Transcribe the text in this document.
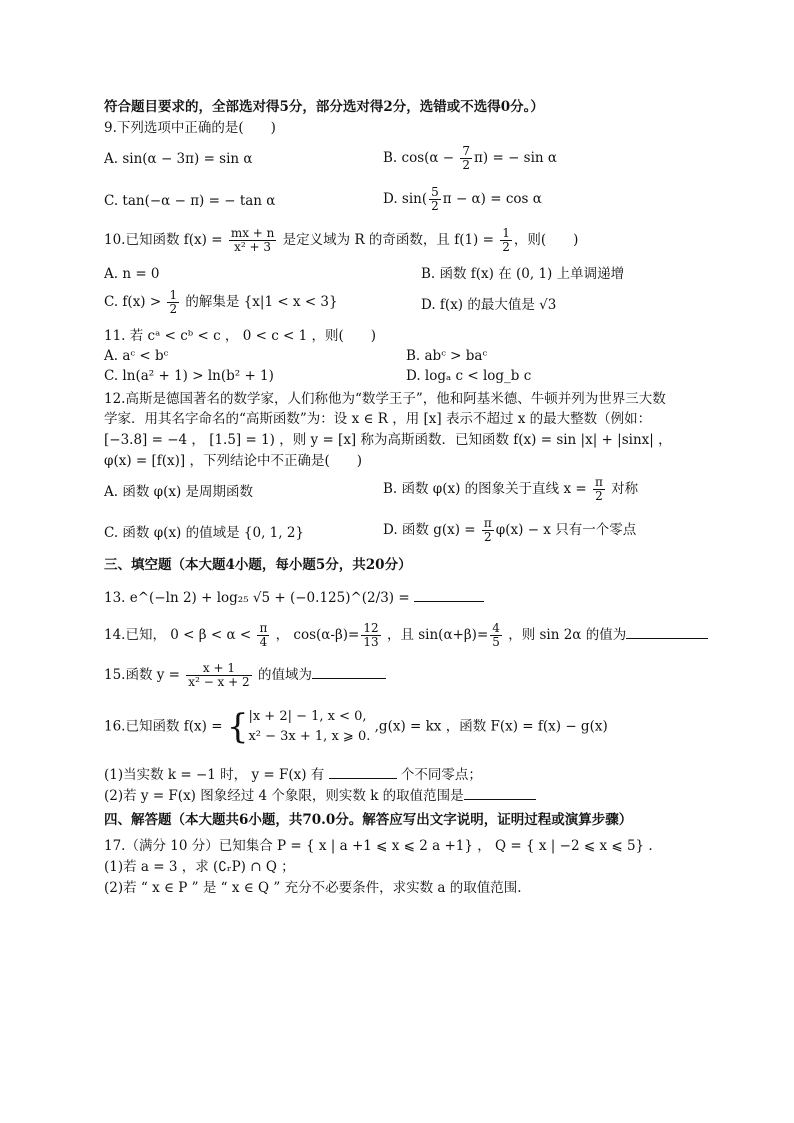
符合题目要求的，全部选对得5分，部分选对得2分，选错或不选得0分。）
9.下列选项中正确的是(　　)
A. sin(α − 3π) = sin α	B. $\cos(\alpha - \frac{7}{2} \pi)$ = − sin α
C. tan(−α − π) = − tan α	D. $\sin( \frac{5}{2}$ π − α) = cos α
10.已知函数 $f(x) = \frac{mx + n}{\text{x² + 3}}$ 是定义域为 R 的奇函数，且 $f(1) = \frac{1}{2}$ ，则(　　)
A. n = 0	B. 函数 f(x) 在 (0, 1) 上单调递增
C. $f(x) > \frac{1}{2}$ 的解集是 {x|1 < x < 3}	D. f(x) 的最大值是 √3
11. 若 cᵃ < cᵇ < c ， 0 < c < 1 ，则(　　)
A. aᶜ < bᶜ	B. abᶜ > baᶜ
C. ln(a² + 1) > ln(b² + 1)	D. logₐ c < log_b c
12.高斯是德国著名的数学家，人们称他为“数学王子”，他和阿基米德、牛顿并列为世界三大数
学家．用其名字命名的“高斯函数”为：设 x ∈ R ，用 [x] 表示不超过 x 的最大整数（例如：
[−3.8] = −4 ， [1.5] = 1) ，则 y = [x] 称为高斯函数．已知函数 f(x) = sin |x| + |sinx| ，
φ(x) = [f(x)] ，下列结论中不正确是(　　)
A. 函数 φ(x) 是周期函数	B. 函数 φ(x) 的图象关于直线 $x = \frac{\pi}{2}$ 对称
C. 函数 φ(x) 的值域是 {0, 1, 2}	D. 函数 $g(x) = \frac{\pi}{2} \varphi(x) - x$ 只有一个零点
三、填空题（本大题4小题，每小题5分，共20分）
13. e^(−ln 2) + log₂₅ √5 + (−0.125)^(2/3) =
14.已知， $0 < \beta < \alpha < \frac{\pi}{4}$ ， $\cos(\alpha-\beta)= \frac{12}{13}$ ，且 $\sin(\alpha+\beta)= \frac{4}{5}$ ，则 sin 2α 的值为
15.函数 $y = \frac{x + 1}{\text{x² − x + 2}}$ 的值域为
16.已知函数 f(x) = { |x + 2| − 1, x < 0,
x² − 3x + 1, x ⩾ 0.
,g(x) = kx ，函数 F(x) = f(x) − g(x)
(1)当实数 k = −1 时， y = F(x) 有	个不同零点；
(2)若 y = F(x) 图象经过 4 个象限，则实数 k 的取值范围是
四、解答题（本大题共6小题，共70.0分。解答应写出文字说明，证明过程或演算步骤）
17.（满分 10 分）已知集合 P = { x | a +1 ⩽ x ⩽ 2 a +1} ， Q = { x | −2 ⩽ x ⩽ 5} .
(1)若 a = 3 ，求 (∁ᵣP) ∩ Q ；
(2)若 “ x ∈ P ” 是 “ x ∈ Q ” 充分不必要条件，求实数 a 的取值范围.
